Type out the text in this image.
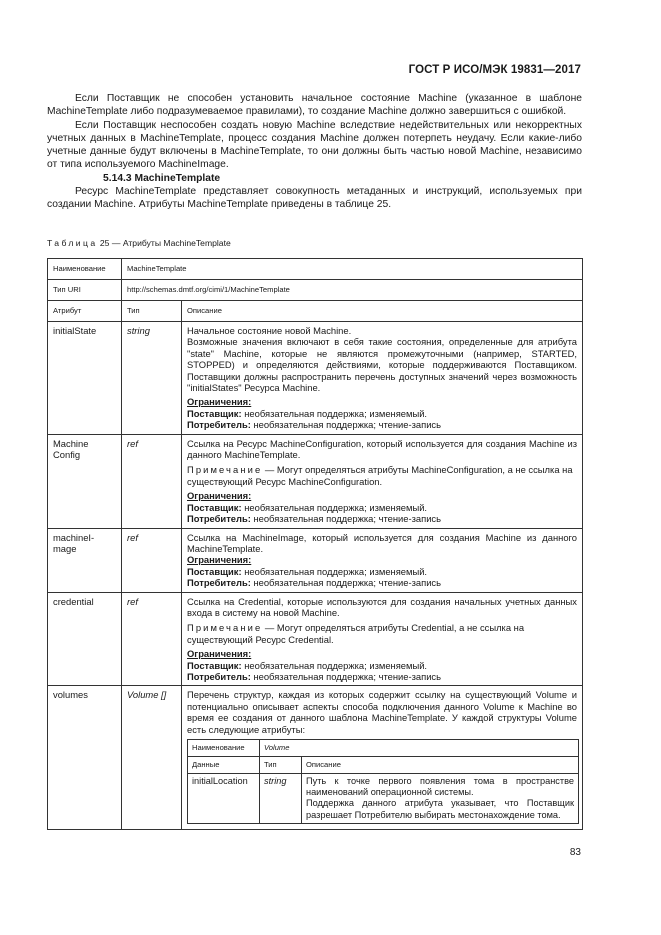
ГОСТ Р ИСО/МЭК 19831—2017

Если Поставщик не способен установить начальное состояние Machine (указанное в шаблоне MachineTemplate либо подразумеваемое правилами), то создание Machine должно завершиться с ошибкой.

Если Поставщик неспособен создать новую Machine вследствие недействительных или некорректных учетных данных в MachineTemplate, процесс создания Machine должен потерпеть неудачу. Если какие-либо учетные данные будут включены в MachineTemplate, то они должны быть частью новой Machine, независимо от типа используемого MachineImage.

5.14.3 MachineTemplate

Ресурс MachineTemplate представляет совокупность метаданных и инструкций, используемых при создании Machine. Атрибуты MachineTemplate приведены в таблице 25.

Таблица 25 — Атрибуты MachineTemplate
Наименование	MachineTemplate
Тип URI	http://schemas.dmtf.org/cimi/1/MachineTemplate
Атрибут	Тип	Описание
initialState	string	Начальное состояние новой Machine.

Возможные значения включают в себя такие состояния, определенные для атрибута "state" Machine, которые не являются промежуточными (например, STARTED, STOPPED) и определяются действиями, которые поддерживаются Поставщиком. Поставщики должны распространить перечень доступных значений через возможность "initialStates" Ресурса Machine.

Ограничения:

Поставщик: необязательная поддержка; изменяемый.

Потребитель: необязательная поддержка; чтение-запись

Machine Config	ref	Ссылка на Ресурс MachineConfiguration, который используется для создания Machine из данного MachineTemplate.

Примечание — Могут определяться атрибуты MachineConfiguration, а не ссылка на существующий Ресурс MachineConfiguration.

Ограничения:

Поставщик: необязательная поддержка; изменяемый.

Потребитель: необязательная поддержка; чтение-запись

machineI-mage	ref	Ссылка на MachineImage, который используется для создания Machine из данного MachineTemplate.

Ограничения:

Поставщик: необязательная поддержка; изменяемый.

Потребитель: необязательная поддержка; чтение-запись

credential	ref	Ссылка на Credential, которые используются для создания начальных учетных данных входа в систему на новой Machine.

Примечание — Могут определяться атрибуты Credential, а не ссылка на существующий Ресурс Credential.

Ограничения:

Поставщик: необязательная поддержка; изменяемый.

Потребитель: необязательная поддержка; чтение-запись

volumes	Volume []	Перечень структур, каждая из которых содержит ссылку на существующий Volume и потенциально описывает аспекты способа подключения данного Volume к Machine во время ее создания от данного шаблона MachineTemplate. У каждой структуры Volume есть следующие атрибуты:

Наименование	Volume
Данные	Тип	Описание
initialLocation	string	Путь к точке первого появления тома в пространстве наименований операционной системы.

Поддержка данного атрибута указывает, что Поставщик разрешает Потребителю выбирать местонахождение тома.

83
